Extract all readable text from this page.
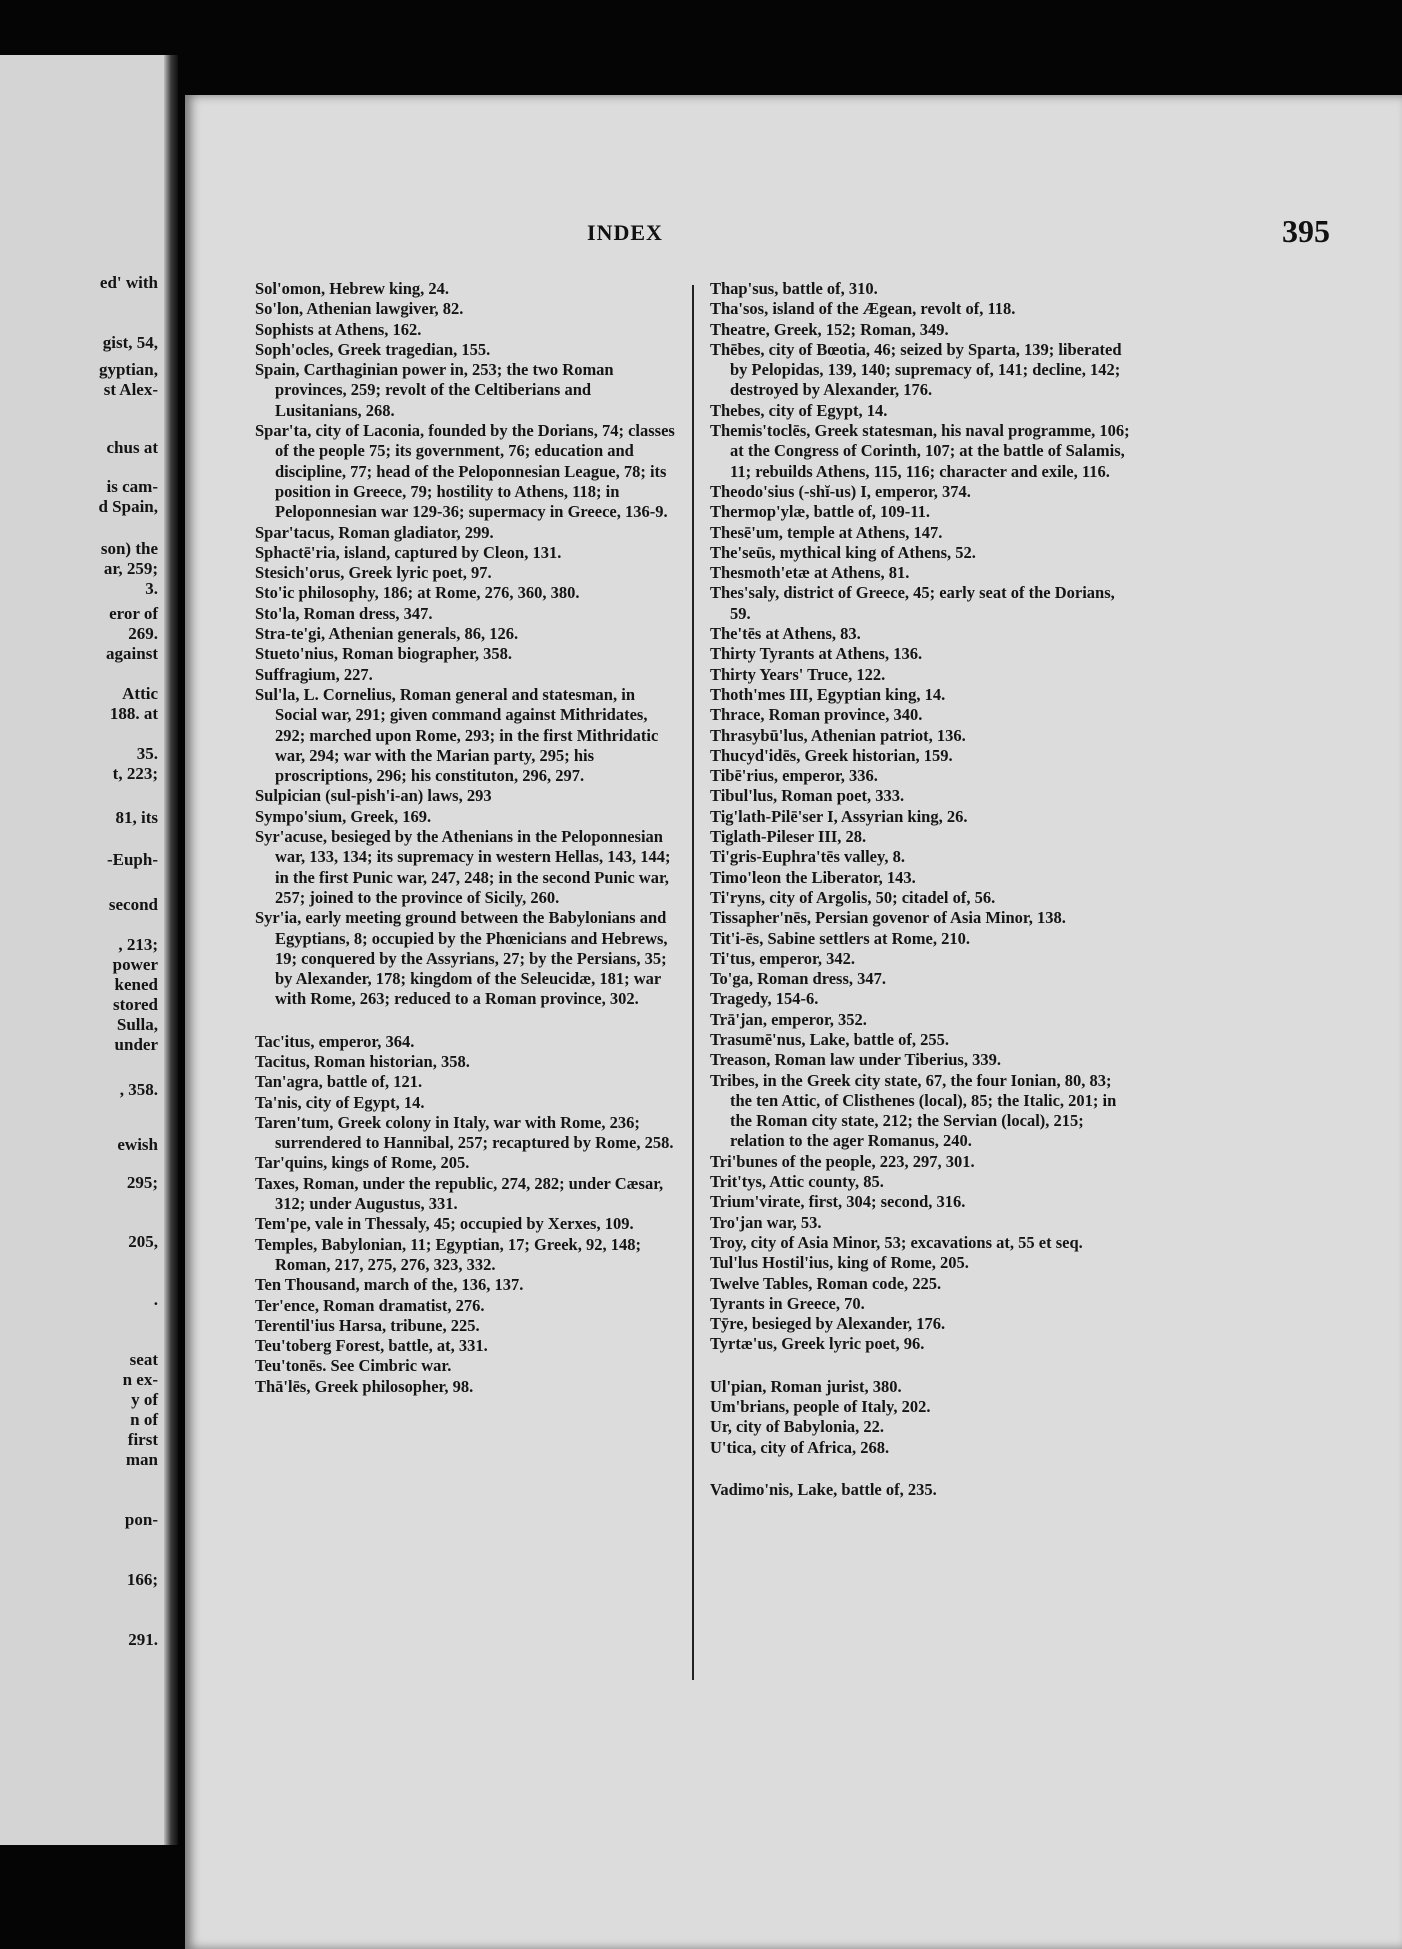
ed' with

gist, 54,

gyptian,

st Alex-

chus at

is cam-

d Spain,

son) the

ar, 259;

3.

eror of

269.

against

Attic

188. at

35.

t, 223;

81, its

-Euph-

second

, 213;

power

kened

stored

Sulla,

under

, 358.

ewish

295;

205,

.

seat

n ex-

y of

n of

first

man

pon-

166;

291.

INDEX	395

Sol'omon, Hebrew king, 24.

So'lon, Athenian lawgiver, 82.

Sophists at Athens, 162.

Soph'ocles, Greek tragedian, 155.

Spain, Carthaginian power in, 253; the two Roman provinces, 259; revolt of the Celtiberians and Lusitanians, 268.

Spar'ta, city of Laconia, founded by the Dorians, 74; classes of the people 75; its government, 76; education and discipline, 77; head of the Peloponnesian League, 78; its position in Greece, 79; hostility to Athens, 118; in Peloponnesian war 129-36; supermacy in Greece, 136-9.

Spar'tacus, Roman gladiator, 299.

Sphactē'ria, island, captured by Cleon, 131.

Stesich'orus, Greek lyric poet, 97.

Sto'ic philosophy, 186; at Rome, 276, 360, 380.

Sto'la, Roman dress, 347.

Stra-te'gi, Athenian generals, 86, 126.

Stueto'nius, Roman biographer, 358.

Suffragium, 227.

Sul'la, L. Cornelius, Roman general and statesman, in Social war, 291; given command against Mithridates, 292; marched upon Rome, 293; in the first Mithridatic war, 294; war with the Marian party, 295; his proscriptions, 296; his constituton, 296, 297.

Sulpician (sul-pish'i-an) laws, 293

Sympo'sium, Greek, 169.

Syr'acuse, besieged by the Athenians in the Peloponnesian war, 133, 134; its supremacy in western Hellas, 143, 144; in the first Punic war, 247, 248; in the second Punic war, 257; joined to the province of Sicily, 260.

Syr'ia, early meeting ground between the Babylonians and Egyptians, 8; occupied by the Phœnicians and Hebrews, 19; conquered by the Assyrians, 27; by the Persians, 35; by Alexander, 178; kingdom of the Seleucidæ, 181; war with Rome, 263; reduced to a Roman province, 302.

Tac'itus, emperor, 364.

Tacitus, Roman historian, 358.

Tan'agra, battle of, 121.

Ta'nis, city of Egypt, 14.

Taren'tum, Greek colony in Italy, war with Rome, 236; surrendered to Hannibal, 257; recaptured by Rome, 258.

Tar'quins, kings of Rome, 205.

Taxes, Roman, under the republic, 274, 282; under Cæsar, 312; under Augustus, 331.

Tem'pe, vale in Thessaly, 45; occupied by Xerxes, 109.

Temples, Babylonian, 11; Egyptian, 17; Greek, 92, 148; Roman, 217, 275, 276, 323, 332.

Ten Thousand, march of the, 136, 137.

Ter'ence, Roman dramatist, 276.

Terentil'ius Harsa, tribune, 225.

Teu'toberg Forest, battle, at, 331.

Teu'tonēs. See Cimbric war.

Thā'lēs, Greek philosopher, 98.

Thap'sus, battle of, 310.

Tha'sos, island of the Ægean, revolt of, 118.

Theatre, Greek, 152; Roman, 349.

Thēbes, city of Bœotia, 46; seized by Sparta, 139; liberated by Pelopidas, 139, 140; supremacy of, 141; decline, 142; destroyed by Alexander, 176.

Thebes, city of Egypt, 14.

Themis'toclēs, Greek statesman, his naval programme, 106; at the Congress of Corinth, 107; at the battle of Salamis, 11; rebuilds Athens, 115, 116; character and exile, 116.

Theodo'sius (-shĭ-us) I, emperor, 374.

Thermop'ylæ, battle of, 109-11.

Thesē'um, temple at Athens, 147.

The'seūs, mythical king of Athens, 52.

Thesmoth'etæ at Athens, 81.

Thes'saly, district of Greece, 45; early seat of the Dorians, 59.

The'tēs at Athens, 83.

Thirty Tyrants at Athens, 136.

Thirty Years' Truce, 122.

Thoth'mes III, Egyptian king, 14.

Thrace, Roman province, 340.

Thrasybū'lus, Athenian patriot, 136.

Thucyd'idēs, Greek historian, 159.

Tibē'rius, emperor, 336.

Tibul'lus, Roman poet, 333.

Tig'lath-Pilē'ser I, Assyrian king, 26.

Tiglath-Pileser III, 28.

Ti'gris-Euphra'tēs valley, 8.

Timo'leon the Liberator, 143.

Ti'ryns, city of Argolis, 50; citadel of, 56.

Tissapher'nēs, Persian govenor of Asia Minor, 138.

Tit'i-ēs, Sabine settlers at Rome, 210.

Ti'tus, emperor, 342.

To'ga, Roman dress, 347.

Tragedy, 154-6.

Trā'jan, emperor, 352.

Trasumē'nus, Lake, battle of, 255.

Treason, Roman law under Tiberius, 339.

Tribes, in the Greek city state, 67, the four Ionian, 80, 83; the ten Attic, of Clisthenes (local), 85; the Italic, 201; in the Roman city state, 212; the Servian (local), 215; relation to the ager Romanus, 240.

Tri'bunes of the people, 223, 297, 301.

Trit'tys, Attic county, 85.

Trium'virate, first, 304; second, 316.

Tro'jan war, 53.

Troy, city of Asia Minor, 53; excavations at, 55 et seq.

Tul'lus Hostil'ius, king of Rome, 205.

Twelve Tables, Roman code, 225.

Tyrants in Greece, 70.

Tȳre, besieged by Alexander, 176.

Tyrtæ'us, Greek lyric poet, 96.

Ul'pian, Roman jurist, 380.

Um'brians, people of Italy, 202.

Ur, city of Babylonia, 22.

U'tica, city of Africa, 268.

Vadimo'nis, Lake, battle of, 235.
